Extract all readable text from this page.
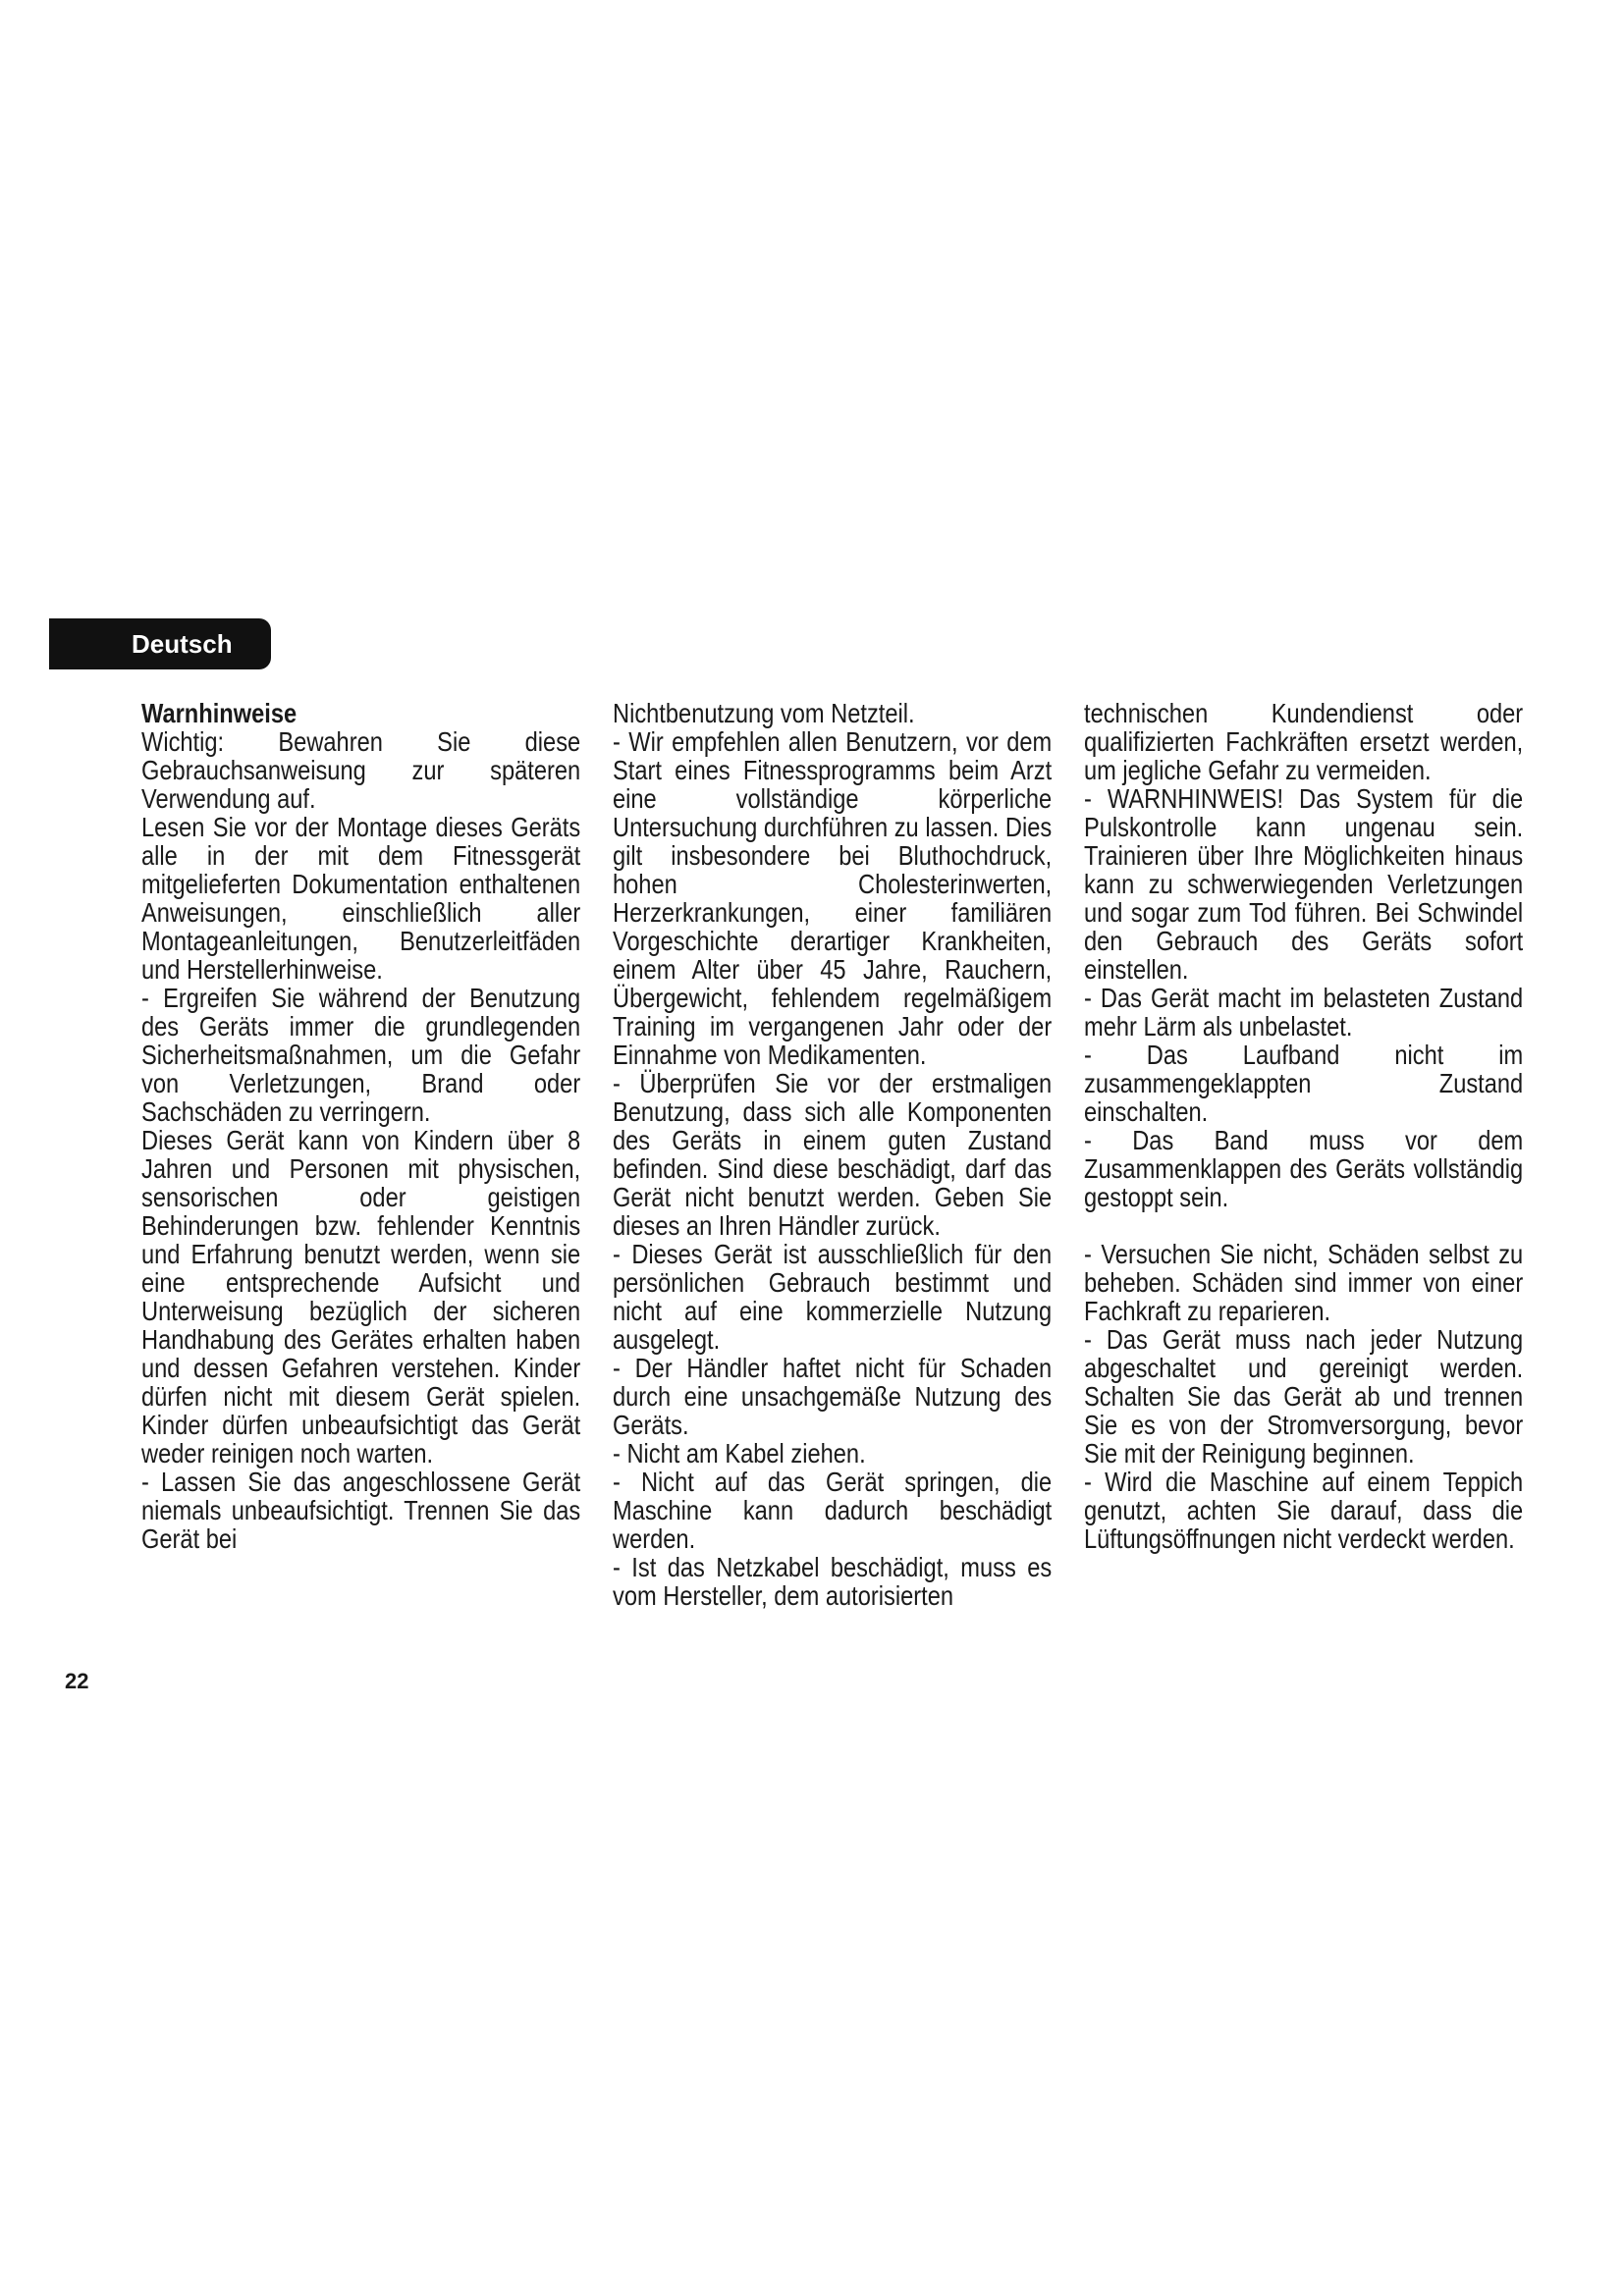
Deutsch

Warnhinweise

Wichtig: Bewahren Sie diese Gebrauchsanweisung zur späteren Verwendung auf.

Lesen Sie vor der Montage dieses Geräts alle in der mit dem Fitnessgerät mitgelieferten Dokumentation enthaltenen Anweisungen, einschließlich aller Montageanleitungen, Benutzerleitfäden und Herstellerhinweise.

- Ergreifen Sie während der Benutzung des Geräts immer die grundlegenden Sicherheitsmaßnahmen, um die Gefahr von Verletzungen, Brand oder Sachschäden zu verringern.

Dieses Gerät kann von Kindern über 8 Jahren und Personen mit physischen, sensorischen oder geistigen Behinderungen bzw. fehlender Kenntnis und Erfahrung benutzt werden, wenn sie eine entsprechende Aufsicht und Unterweisung bezüglich der sicheren Handhabung des Gerätes erhalten haben und dessen Gefahren verstehen. Kinder dürfen nicht mit diesem Gerät spielen. Kinder dürfen unbeaufsichtigt das Gerät weder reinigen noch warten.

- Lassen Sie das angeschlossene Gerät niemals unbeaufsichtigt. Trennen Sie das Gerät bei

Nichtbenutzung vom Netzteil.

- Wir empfehlen allen Benutzern, vor dem Start eines Fitnessprogramms beim Arzt eine vollständige körperliche Untersuchung durchführen zu lassen. Dies gilt insbesondere bei Bluthochdruck, hohen Cholesterinwerten, Herzerkrankungen, einer familiären Vorgeschichte derartiger Krankheiten, einem Alter über 45 Jahre, Rauchern, Übergewicht, fehlendem regelmäßigem Training im vergangenen Jahr oder der Einnahme von Medikamenten.

- Überprüfen Sie vor der erstmaligen Benutzung, dass sich alle Komponenten des Geräts in einem guten Zustand befinden. Sind diese beschädigt, darf das Gerät nicht benutzt werden. Geben Sie dieses an Ihren Händler zurück.

- Dieses Gerät ist ausschließlich für den persönlichen Gebrauch bestimmt und nicht auf eine kommerzielle Nutzung ausgelegt.

- Der Händler haftet nicht für Schaden durch eine unsachgemäße Nutzung des Geräts.

- Nicht am Kabel ziehen.

- Nicht auf das Gerät springen, die Maschine kann dadurch beschädigt werden.

- Ist das Netzkabel beschädigt, muss es vom Hersteller, dem autorisierten

technischen Kundendienst oder qualifizierten Fachkräften ersetzt werden, um jegliche Gefahr zu vermeiden.

- WARNHINWEIS! Das System für die Pulskontrolle kann ungenau sein. Trainieren über Ihre Möglichkeiten hinaus kann zu schwerwiegenden Verletzungen und sogar zum Tod führen. Bei Schwindel den Gebrauch des Geräts sofort einstellen.

- Das Gerät macht im belasteten Zustand mehr Lärm als unbelastet.

- Das Laufband nicht im zusammengeklappten Zustand einschalten.

- Das Band muss vor dem Zusammenklappen des Geräts vollständig gestoppt sein.

- Versuchen Sie nicht, Schäden selbst zu beheben. Schäden sind immer von einer Fachkraft zu reparieren.

- Das Gerät muss nach jeder Nutzung abgeschaltet und gereinigt werden. Schalten Sie das Gerät ab und trennen Sie es von der Stromversorgung, bevor Sie mit der Reinigung beginnen.

- Wird die Maschine auf einem Teppich genutzt, achten Sie darauf, dass die Lüftungsöffnungen nicht verdeckt werden.

22
